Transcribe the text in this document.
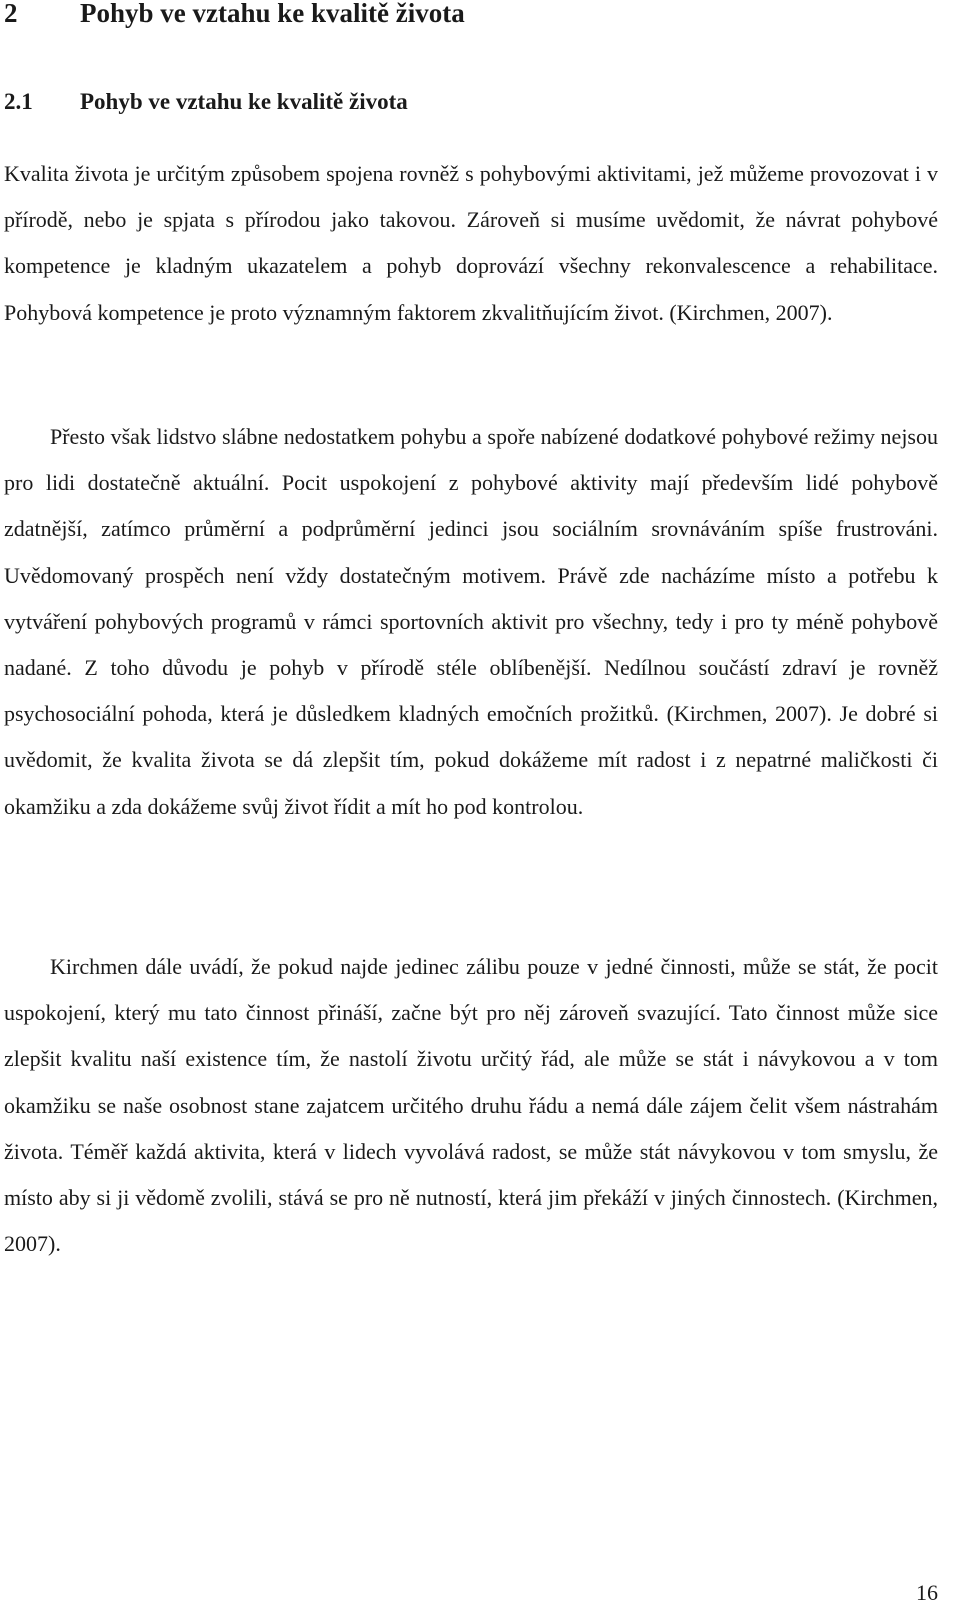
2 Pohyb ve vztahu ke kvalitě života
2.1 Pohyb ve vztahu ke kvalitě života

Kvalita života je určitým způsobem spojena rovněž s pohybovými aktivitami, jež můžeme provozovat i v přírodě, nebo je spjata s přírodou jako takovou. Zároveň si musíme uvědomit, že návrat pohybové kompetence je kladným ukazatelem a pohyb doprovází všechny rekonvalescence a rehabilitace. Pohybová kompetence je proto významným faktorem zkvalitňujícím život. (Kirchmen, 2007).

Přesto však lidstvo slábne nedostatkem pohybu a spoře nabízené dodatkové pohybové režimy nejsou pro lidi dostatečně aktuální. Pocit uspokojení z pohybové aktivity mají především lidé pohybově zdatnější, zatímco průměrní a podprůměrní jedinci jsou sociálním srovnáváním spíše frustrováni. Uvědomovaný prospěch není vždy dostatečným motivem. Právě zde nacházíme místo a potřebu k vytváření pohybových programů v rámci sportovních aktivit pro všechny, tedy i pro ty méně pohybově nadané. Z toho důvodu je pohyb v přírodě stéle oblíbenější. Nedílnou součástí zdraví je rovněž psychosociální pohoda, která je důsledkem kladných emočních prožitků. (Kirchmen, 2007). Je dobré si uvědomit, že kvalita života se dá zlepšit tím, pokud dokážeme mít radost i z nepatrné maličkosti či okamžiku a zda dokážeme svůj život řídit a mít ho pod kontrolou.

Kirchmen dále uvádí, že pokud najde jedinec zálibu pouze v jedné činnosti, může se stát, že pocit uspokojení, který mu tato činnost přináší, začne být pro něj zároveň svazující. Tato činnost může sice zlepšit kvalitu naší existence tím, že nastolí životu určitý řád, ale může se stát i návykovou a v tom okamžiku se naše osobnost stane zajatcem určitého druhu řádu a nemá dále zájem čelit všem nástrahám života. Téměř každá aktivita, která v lidech vyvolává radost, se může stát návykovou v tom smyslu, že místo aby si ji vědomě zvolili, stává se pro ně nutností, která jim překáží v jiných činnostech. (Kirchmen, 2007).

16
